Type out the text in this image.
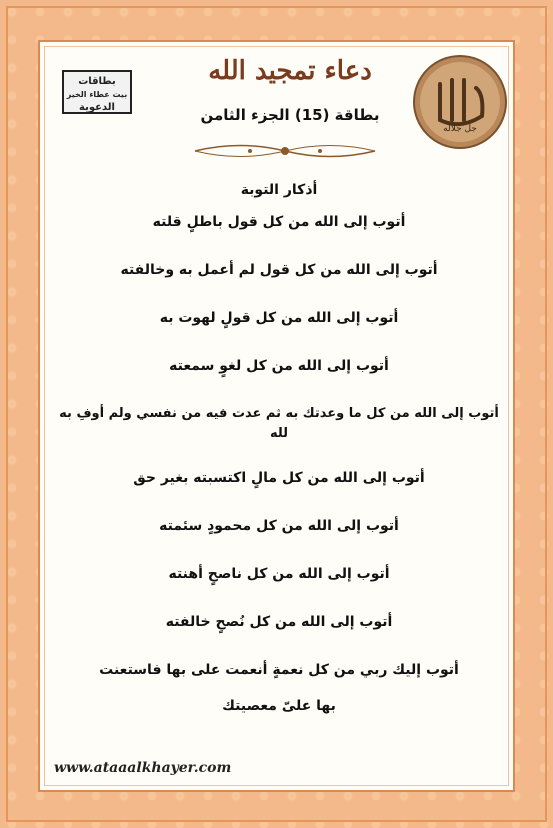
بطاقات
بيت عطاء الخير
الدعوية
دعاء تمجيد الله
بطاقة (15) الجزء الثامن
جل جلاله
أذكار التوبة
أتوب إلى الله من كل قول باطلٍ قلته
أتوب إلى الله من كل قول لم أعمل به وخالفته
أتوب إلى الله من كل قولٍ لهوت به
أتوب إلى الله من كل لغوٍ سمعته
أتوب إلى الله من كل ما وعدتك به ثم عدت فيه من نفسي ولم أوفِ به لله
أتوب إلى الله من كل مالٍ اكتسبته بغير حق
أتوب إلى الله من كل محمودٍ سئمته
أتوب إلى الله من كل ناصحٍ أهنته
أتوب إلى الله من كل نُصحٍ خالفته
أتوب إليك ربي من كل نعمةٍ أنعمت على بها فاستعنت
بها علىّ معصيتك
www.ataaalkhayer.com
